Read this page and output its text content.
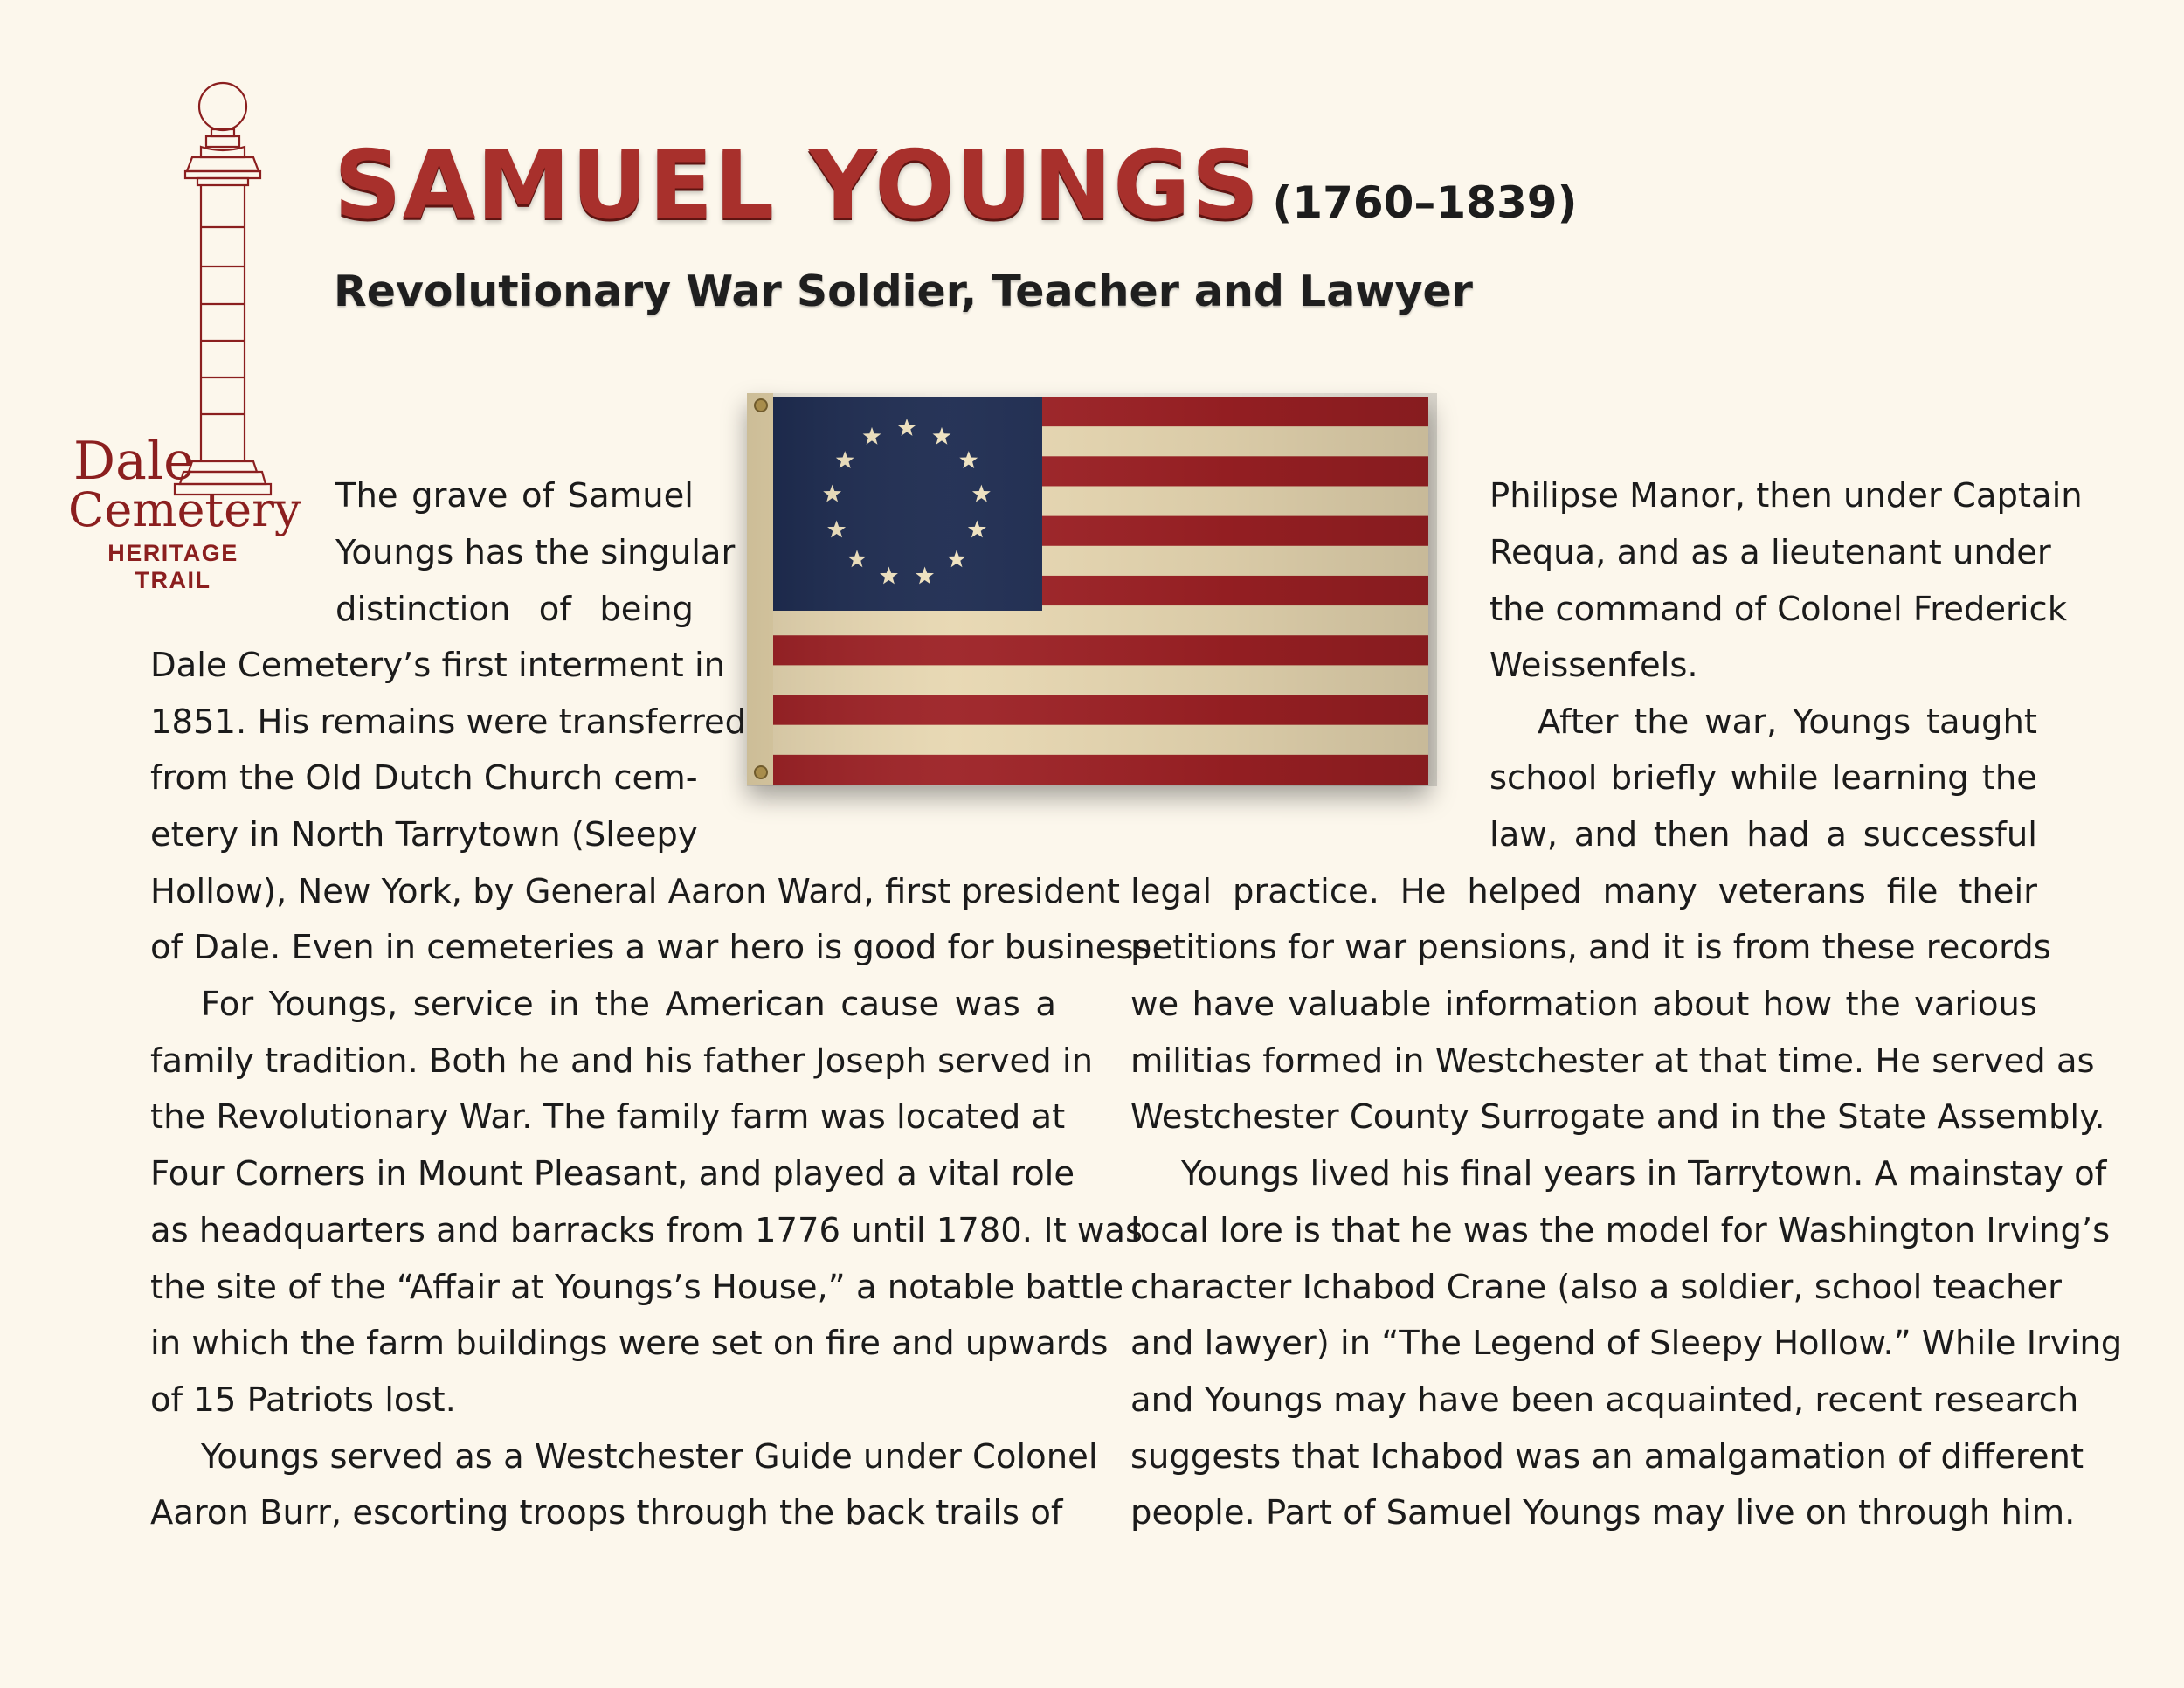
Dale
Cemetery
HERITAGE TRAIL
SAMUEL YOUNGS (1760–1839)
Revolutionary War Soldier, Teacher and Lawyer

The grave of Samuel

Youngs has the singular

distinction of being

Dale Cemetery’s first interment in

1851. His remains were transferred

from the Old Dutch Church cem-

etery in North Tarrytown (Sleepy

Hollow), New York, by General Aaron Ward, first president

of Dale. Even in cemeteries a war hero is good for business.

For Youngs, service in the American cause was a

family tradition. Both he and his father Joseph served in

the Revolutionary War. The family farm was located at

Four Corners in Mount Pleasant, and played a vital role

as headquarters and barracks from 1776 until 1780. It was

the site of the “Affair at Youngs’s House,” a notable battle

in which the farm buildings were set on fire and upwards

of 15 Patriots lost.

Youngs served as a Westchester Guide under Colonel

Aaron Burr, escorting troops through the back trails of

Philipse Manor, then under Captain

Requa, and as a lieutenant under

the command of Colonel Frederick

Weissenfels.

After the war, Youngs taught

school briefly while learning the

law, and then had a successful

legal practice. He helped many veterans file their

petitions for war pensions, and it is from these records

we have valuable information about how the various

militias formed in Westchester at that time. He served as

Westchester County Surrogate and in the State Assembly.

Youngs lived his final years in Tarrytown. A mainstay of

local lore is that he was the model for Washington Irving’s

character Ichabod Crane (also a soldier, school teacher

and lawyer) in “The Legend of Sleepy Hollow.” While Irving

and Youngs may have been acquainted, recent research

suggests that Ichabod was an amalgamation of different

people. Part of Samuel Youngs may live on through him.
